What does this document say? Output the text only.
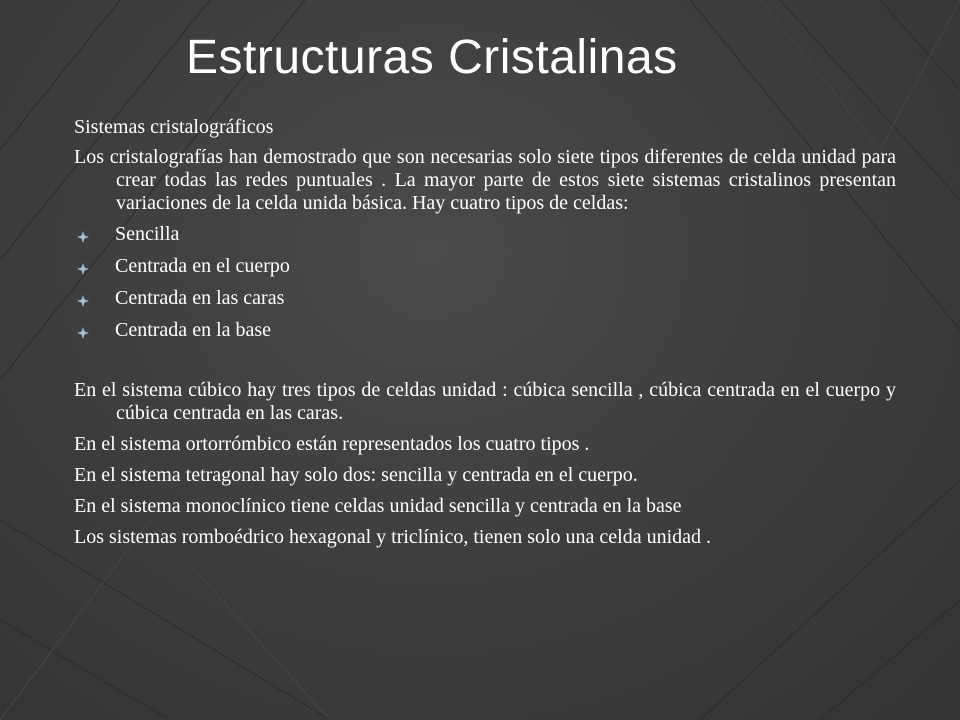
Estructuras Cristalinas

Sistemas cristalográficos

Los cristalografías han demostrado que son necesarias solo siete tipos diferentes de celda unidad para crear todas las redes puntuales . La mayor parte de estos siete sistemas cristalinos presentan variaciones de la celda unida básica. Hay cuatro tipos de celdas:

Sencilla
Centrada en el cuerpo
Centrada en las caras
Centrada en la base

En el sistema cúbico hay tres tipos de celdas unidad : cúbica sencilla , cúbica centrada en el cuerpo y cúbica centrada en las caras.

En el sistema ortorrómbico están representados los cuatro tipos .

En el sistema tetragonal hay solo dos: sencilla y centrada en el cuerpo.

En el sistema monoclínico tiene celdas unidad sencilla y centrada en la base

Los sistemas romboédrico hexagonal y triclínico, tienen solo una celda unidad .
